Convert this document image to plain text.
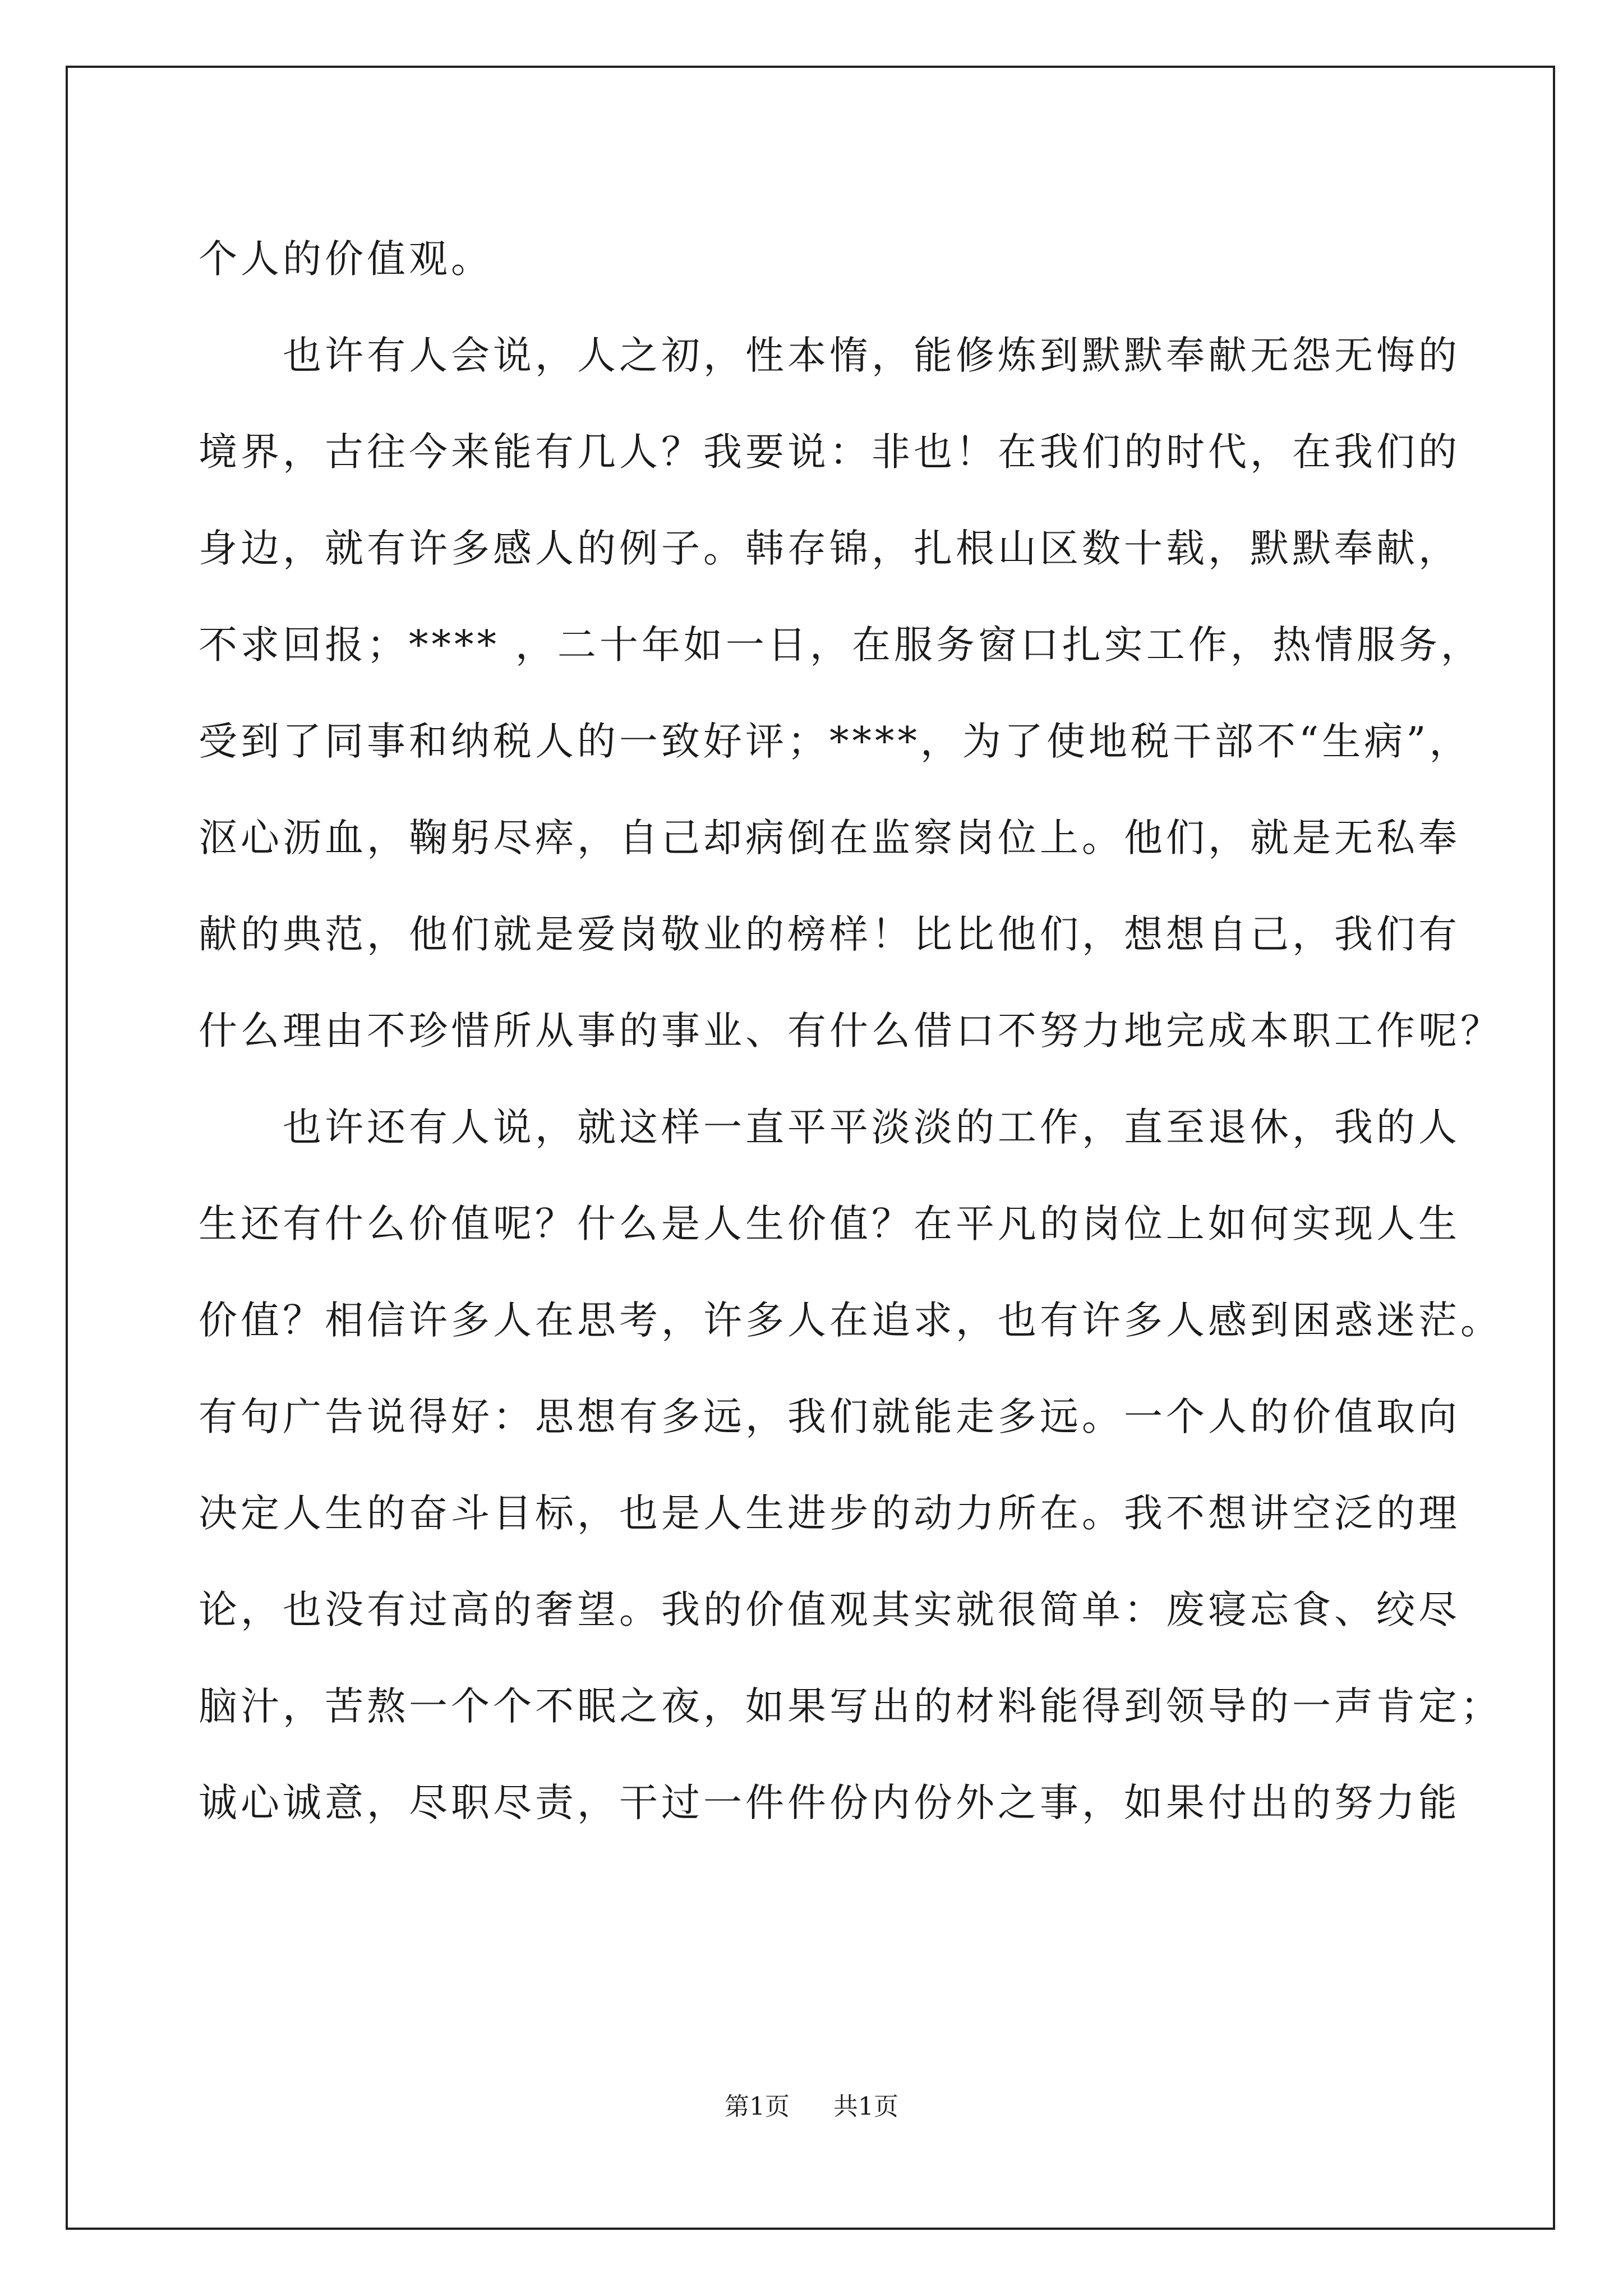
个人的价值观。
　　也许有人会说，人之初，性本惰，能修炼到默默奉献无怨无悔的
境界，古往今来能有几人？我要说：非也！在我们的时代，在我们的
身边，就有许多感人的例子。韩存锦，扎根山区数十载，默默奉献，
不求回报；**** ，二十年如一日，在服务窗口扎实工作，热情服务，
受到了同事和纳税人的一致好评；****，为了使地税干部不“生病”，
沤心沥血，鞠躬尽瘁，自己却病倒在监察岗位上。他们，就是无私奉
献的典范，他们就是爱岗敬业的榜样！比比他们，想想自己，我们有
什么理由不珍惜所从事的事业、有什么借口不努力地完成本职工作呢？
　　也许还有人说，就这样一直平平淡淡的工作，直至退休，我的人
生还有什么价值呢？什么是人生价值？在平凡的岗位上如何实现人生
价值？相信许多人在思考，许多人在追求，也有许多人感到困惑迷茫。
有句广告说得好：思想有多远，我们就能走多远。一个人的价值取向
决定人生的奋斗目标，也是人生进步的动力所在。我不想讲空泛的理
论，也没有过高的奢望。我的价值观其实就很简单：废寝忘食、绞尽
脑汁，苦熬一个个不眠之夜，如果写出的材料能得到领导的一声肯定；
诚心诚意，尽职尽责，干过一件件份内份外之事，如果付出的努力能
第1页 共1页
